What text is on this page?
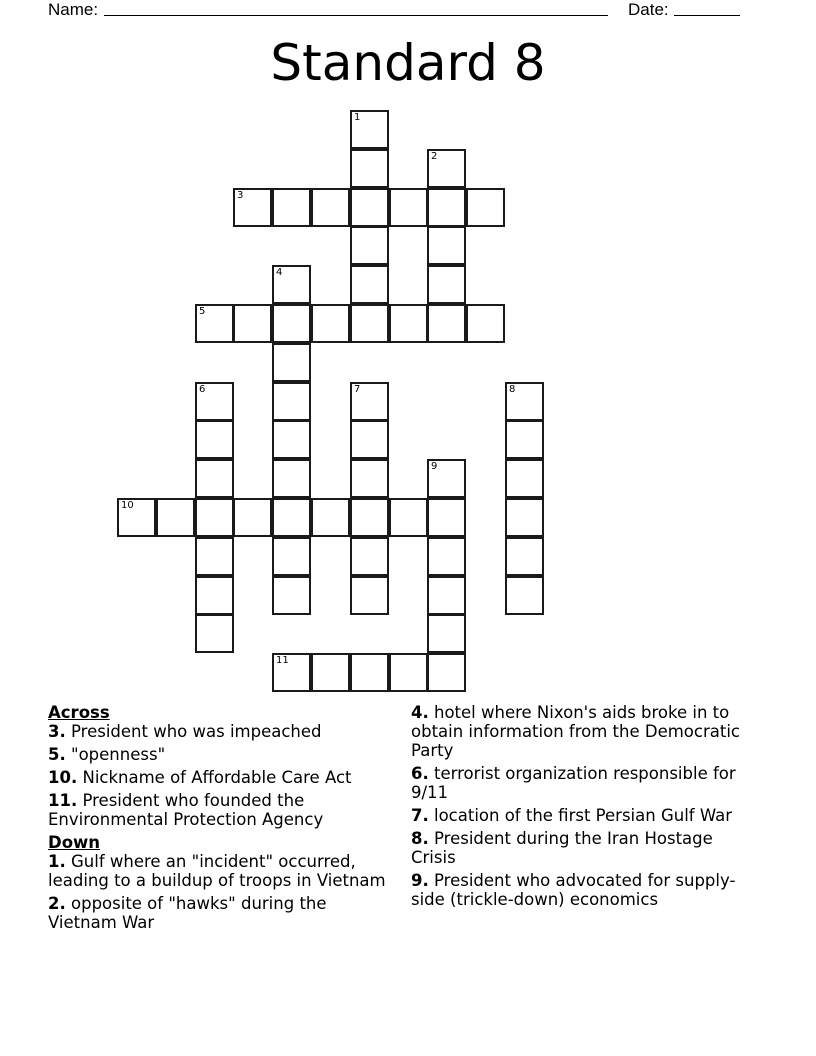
Name:	Date:
Standard 8
1
2
3
4
5
6	7	8
9
10
11
Across
3. President who was impeached
5. "openness"
10. Nickname of Affordable Care Act
11. President who founded the Environmental Protection Agency
Down
1. Gulf where an "incident" occurred, leading to a buildup of troops in Vietnam
2. opposite of "hawks" during the Vietnam War
4. hotel where Nixon's aids broke in to obtain information from the Democratic Party
6. terrorist organization responsible for 9/11
7. location of the first Persian Gulf War
8. President during the Iran Hostage Crisis
9. President who advocated for supply-side (trickle-down) economics
